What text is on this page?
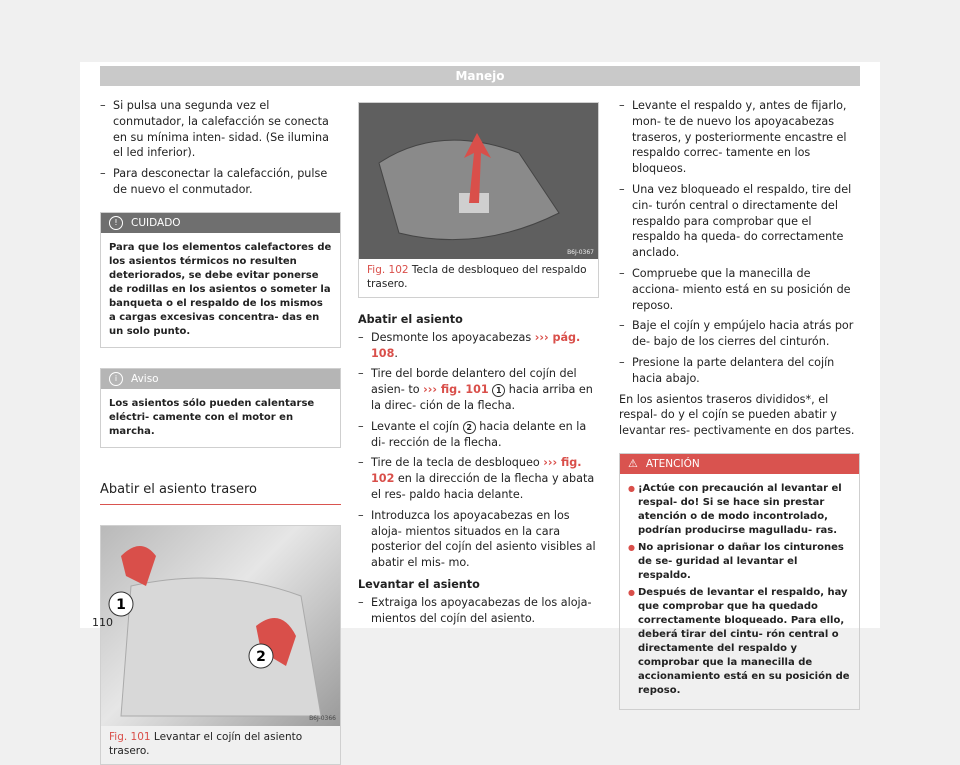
Manejo
– Si pulsa una segunda vez el conmutador, la calefacción se conecta en su mínima inten- sidad. (Se ilumina el led inferior).
– Para desconectar la calefacción, pulse de nuevo el conmutador.
!	CUIDADO
Para que los elementos calefactores de los asientos térmicos no resulten deteriorados, se debe evitar ponerse de rodillas en los asientos o someter la banqueta o el respaldo de los mismos a cargas excesivas concentra- das en un solo punto.
i	Aviso
Los asientos sólo pueden calentarse eléctri- camente con el motor en marcha.
Abatir el asiento trasero
1
2
B6J-0366
Fig. 101 Levantar el cojín del asiento trasero.
B6J-0367
Fig. 102 Tecla de desbloqueo del respaldo trasero.
Abatir el asiento
– Desmonte los apoyacabezas ››› pág. 108.
– Tire del borde delantero del cojín del asien- to ››› fig. 101 1 hacia arriba en la direc- ción de la flecha.
– Levante el cojín 2 hacia delante en la di- rección de la flecha.
– Tire de la tecla de desbloqueo ››› fig. 102 en la dirección de la flecha y abata el res- paldo hacia delante.
– Introduzca los apoyacabezas en los aloja- mientos situados en la cara posterior del cojín del asiento visibles al abatir el mis- mo.
Levantar el asiento
– Extraiga los apoyacabezas de los aloja- mientos del cojín del asiento.
– Levante el respaldo y, antes de fijarlo, mon- te de nuevo los apoyacabezas traseros, y posteriormente encastre el respaldo correc- tamente en los bloqueos.
– Una vez bloqueado el respaldo, tire del cin- turón central o directamente del respaldo para comprobar que el respaldo ha queda- do correctamente anclado.
– Compruebe que la manecilla de acciona- miento está en su posición de reposo.
– Baje el cojín y empújelo hacia atrás por de- bajo de los cierres del cinturón.
– Presione la parte delantera del cojín hacia abajo.
En los asientos traseros divididos*, el respal- do y el cojín se pueden abatir y levantar res- pectivamente en dos partes.
⚠ ATENCIÓN
● ¡Actúe con precaución al levantar el respal- do! Si se hace sin prestar atención o de modo incontrolado, podrían producirse magulladu- ras.
● No aprisionar o dañar los cinturones de se- guridad al levantar el respaldo.
● Después de levantar el respaldo, hay que comprobar que ha quedado correctamente bloqueado. Para ello, deberá tirar del cintu- rón central o directamente del respaldo y comprobar que la manecilla de accionamiento está en su posición de reposo.
110
